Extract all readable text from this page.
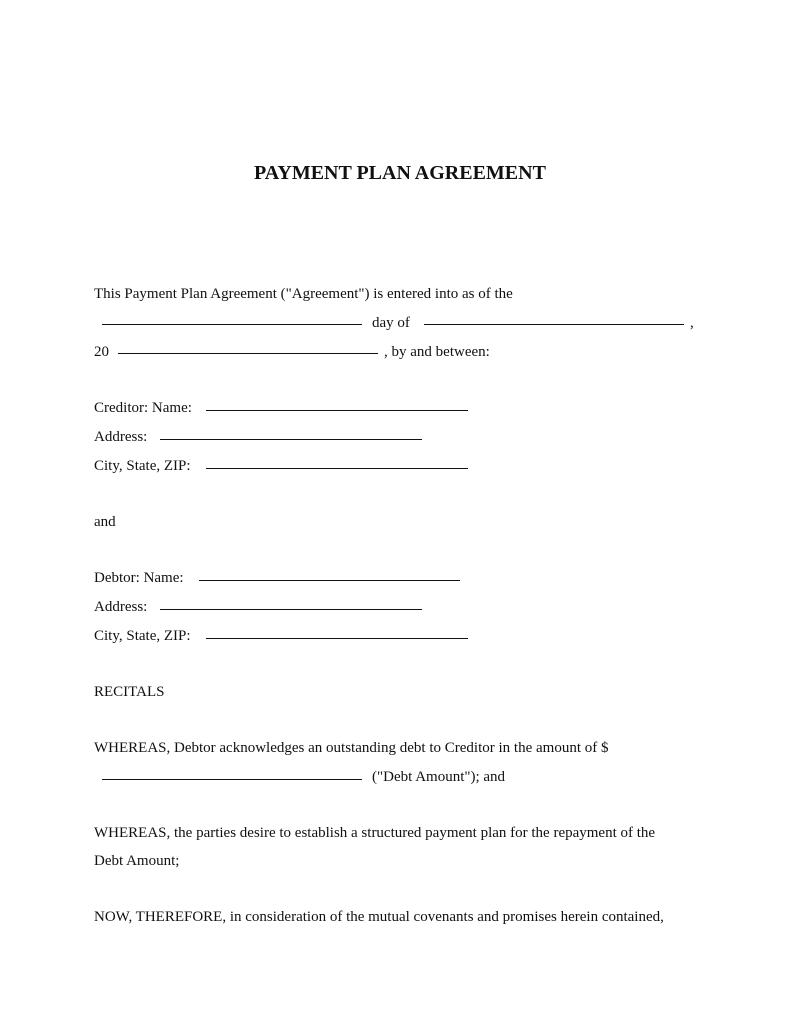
PAYMENT PLAN AGREEMENT
This Payment Plan Agreement ("Agreement") is entered into as of the
day of	,
20	, by and between:
Creditor: Name:
Address:
City, State, ZIP:
and
Debtor: Name:
Address:
City, State, ZIP:
RECITALS
WHEREAS, Debtor acknowledges an outstanding debt to Creditor in the amount of $
("Debt Amount"); and
WHEREAS, the parties desire to establish a structured payment plan for the repayment of the
Debt Amount;
NOW, THEREFORE, in consideration of the mutual covenants and promises herein contained,
